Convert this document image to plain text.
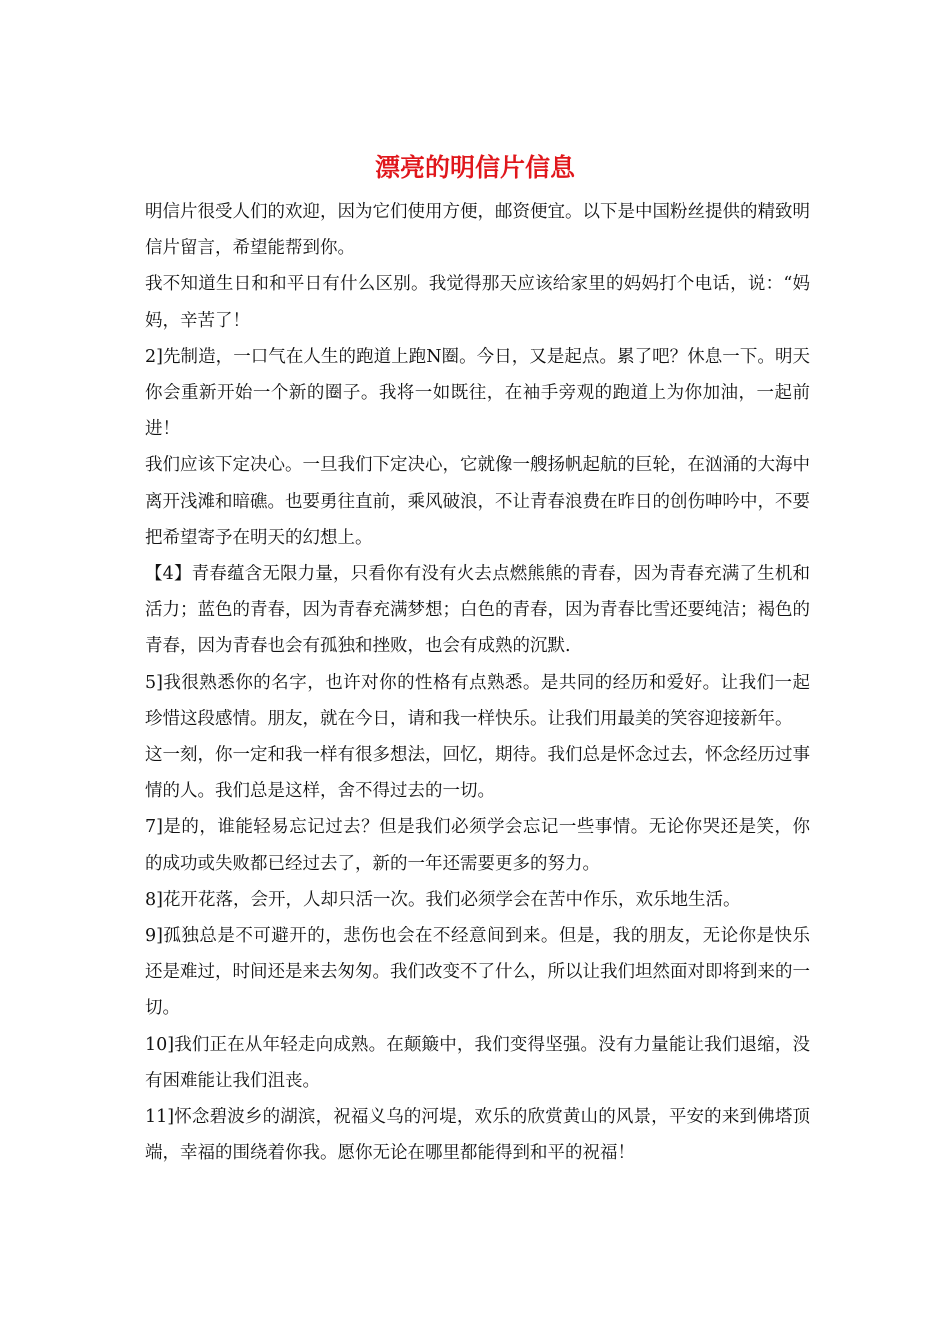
漂亮的明信片信息

明信片很受人们的欢迎，因为它们使用方便，邮资便宜。以下是中国粉丝提供的精致明信片留言，希望能帮到你。

我不知道生日和和平日有什么区别。我觉得那天应该给家里的妈妈打个电话，说：“妈妈，辛苦了！

2]先制造，一口气在人生的跑道上跑N圈。今日，又是起点。累了吧？休息一下。明天你会重新开始一个新的圈子。我将一如既往，在袖手旁观的跑道上为你加油，一起前进！

我们应该下定决心。一旦我们下定决心，它就像一艘扬帆起航的巨轮，在汹涌的大海中离开浅滩和暗礁。也要勇往直前，乘风破浪，不让青春浪费在昨日的创伤呻吟中，不要把希望寄予在明天的幻想上。

【4】青春蕴含无限力量，只看你有没有火去点燃熊熊的青春，因为青春充满了生机和活力；蓝色的青春，因为青春充满梦想；白色的青春，因为青春比雪还要纯洁；褐色的青春，因为青春也会有孤独和挫败，也会有成熟的沉默.

5]我很熟悉你的名字，也许对你的性格有点熟悉。是共同的经历和爱好。让我们一起珍惜这段感情。朋友，就在今日，请和我一样快乐。让我们用最美的笑容迎接新年。

这一刻，你一定和我一样有很多想法，回忆，期待。我们总是怀念过去，怀念经历过事情的人。我们总是这样，舍不得过去的一切。

7]是的，谁能轻易忘记过去？但是我们必须学会忘记一些事情。无论你哭还是笑，你的成功或失败都已经过去了，新的一年还需要更多的努力。

8]花开花落，会开，人却只活一次。我们必须学会在苦中作乐，欢乐地生活。

9]孤独总是不可避开的，悲伤也会在不经意间到来。但是，我的朋友，无论你是快乐还是难过，时间还是来去匆匆。我们改变不了什么，所以让我们坦然面对即将到来的一切。

10]我们正在从年轻走向成熟。在颠簸中，我们变得坚强。没有力量能让我们退缩，没有困难能让我们沮丧。

11]怀念碧波乡的湖滨，祝福义乌的河堤，欢乐的欣赏黄山的风景，平安的来到佛塔顶端，幸福的围绕着你我。愿你无论在哪里都能得到和平的祝福！
